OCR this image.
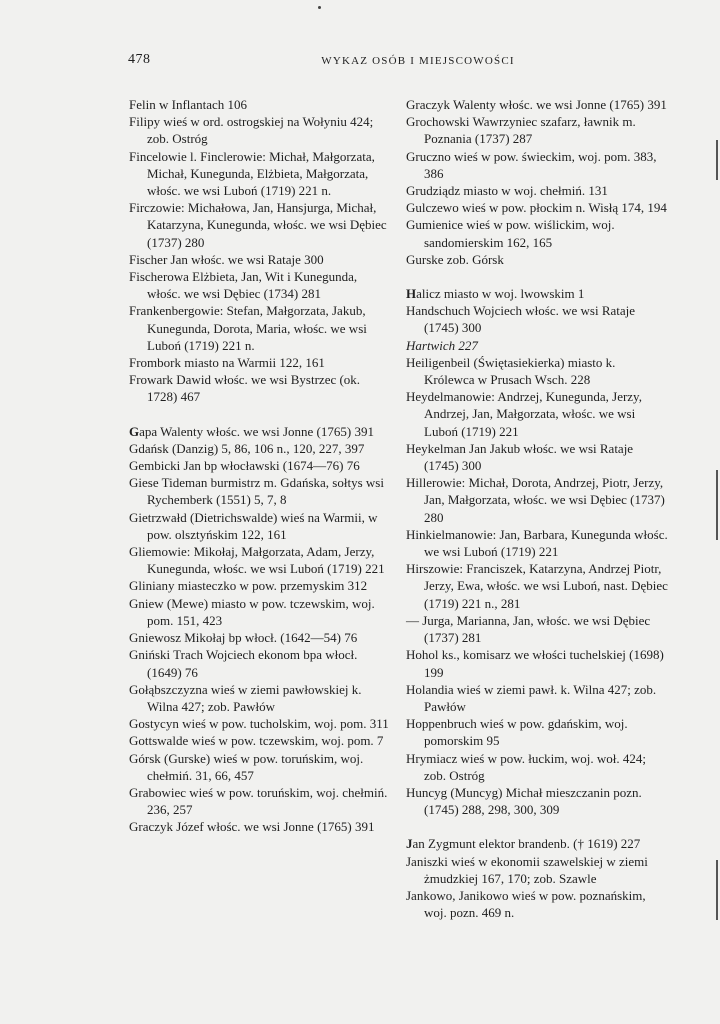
478	WYKAZ OSÓB I MIEJSCOWOŚCI
Felin w Inflantach 106
Filipy wieś w ord. ostrogskiej na Wołyniu 424; zob. Ostróg
Fincelowie l. Finclerowie: Michał, Małgorzata, Michał, Kunegunda, Elżbieta, Małgorzata, włośc. we wsi Luboń (1719) 221 n.
Firczowie: Michałowa, Jan, Hansjurga, Michał, Katarzyna, Kunegunda, włośc. we wsi Dębiec (1737) 280
Fischer Jan włośc. we wsi Rataje 300
Fischerowa Elżbieta, Jan, Wit i Kunegunda, włośc. we wsi Dębiec (1734) 281
Frankenbergowie: Stefan, Małgorzata, Jakub, Kunegunda, Dorota, Maria, włośc. we wsi Luboń (1719) 221 n.
Frombork miasto na Warmii 122, 161
Frowark Dawid włośc. we wsi Bystrzec (ok. 1728) 467
Gapa Walenty włośc. we wsi Jonne (1765) 391
Gdańsk (Danzig) 5, 86, 106 n., 120, 227, 397
Gembicki Jan bp włocławski (1674—76) 76
Giese Tideman burmistrz m. Gdańska, sołtys wsi Rychemberk (1551) 5, 7, 8
Gietrzwałd (Dietrichswalde) wieś na Warmii, w pow. olsztyńskim 122, 161
Gliemowie: Mikołaj, Małgorzata, Adam, Jerzy, Kunegunda, włośc. we wsi Luboń (1719) 221
Gliniany miasteczko w pow. przemyskim 312
Gniew (Mewe) miasto w pow. tczewskim, woj. pom. 151, 423
Gniewosz Mikołaj bp włocł. (1642—54) 76
Gniński Trach Wojciech ekonom bpa włocł. (1649) 76
Gołąbszczyzna wieś w ziemi pawłowskiej k. Wilna 427; zob. Pawłów
Gostycyn wieś w pow. tucholskim, woj. pom. 311
Gottswalde wieś w pow. tczewskim, woj. pom. 7
Górsk (Gurske) wieś w pow. toruńskim, woj. chełmiń. 31, 66, 457
Grabowiec wieś w pow. toruńskim, woj. chełmiń. 236, 257
Graczyk Józef włośc. we wsi Jonne (1765) 391
Graczyk Walenty włośc. we wsi Jonne (1765) 391
Grochowski Wawrzyniec szafarz, ławnik m. Poznania (1737) 287
Gruczno wieś w pow. świeckim, woj. pom. 383, 386
Grudziądz miasto w woj. chełmiń. 131
Gulczewo wieś w pow. płockim n. Wisłą 174, 194
Gumienice wieś w pow. wiślickim, woj. sandomierskim 162, 165
Gurske zob. Górsk
Halicz miasto w woj. lwowskim 1
Handschuch Wojciech włośc. we wsi Rataje (1745) 300
Hartwich 227
Heiligenbeil (Świętasiekierka) miasto k. Królewca w Prusach Wsch. 228
Heydelmanowie: Andrzej, Kunegunda, Jerzy, Andrzej, Jan, Małgorzata, włośc. we wsi Luboń (1719) 221
Heykelman Jan Jakub włośc. we wsi Rataje (1745) 300
Hillerowie: Michał, Dorota, Andrzej, Piotr, Jerzy, Jan, Małgorzata, włośc. we wsi Dębiec (1737) 280
Hinkielmanowie: Jan, Barbara, Kunegunda włośc. we wsi Luboń (1719) 221
Hirszowie: Franciszek, Katarzyna, Andrzej Piotr, Jerzy, Ewa, włośc. we wsi Luboń, nast. Dębiec (1719) 221 n., 281
— Jurga, Marianna, Jan, włośc. we wsi Dębiec (1737) 281
Hohol ks., komisarz we włości tuchelskiej (1698) 199
Holandia wieś w ziemi pawł. k. Wilna 427; zob. Pawłów
Hoppenbruch wieś w pow. gdańskim, woj. pomorskim 95
Hrymiacz wieś w pow. łuckim, woj. woł. 424; zob. Ostróg
Huncyg (Muncyg) Michał mieszczanin pozn. (1745) 288, 298, 300, 309
Jan Zygmunt elektor brandenb. († 1619) 227
Janiszki wieś w ekonomii szawelskiej w ziemi żmudzkiej 167, 170; zob. Szawle
Jankowo, Janikowo wieś w pow. poznańskim, woj. pozn. 469 n.
